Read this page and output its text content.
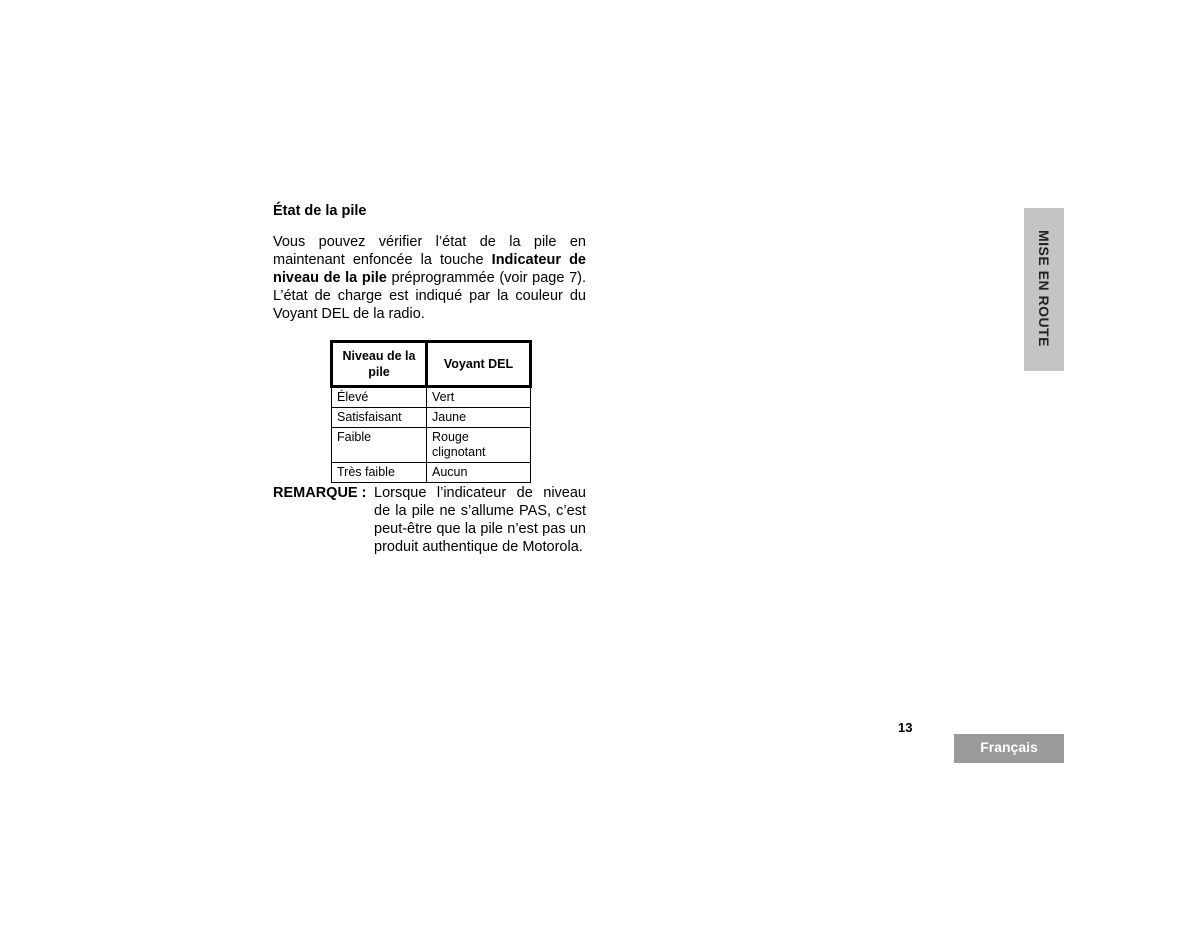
État de la pile

Vous pouvez vérifier l’état de la pile en maintenant enfoncée la touche Indicateur de niveau de la pile préprogrammée (voir page 7). L’état de charge est indiqué par la couleur du Voyant DEL de la radio.

Niveau de la pile	Voyant DEL
Élevé	Vert
Satisfaisant	Jaune
Faible	Rouge clignotant
Très faible	Aucun
REMARQUE : Lorsque l’indicateur de niveau de la pile ne s’allume PAS, c’est peut-être que la pile n’est pas un produit authentique de Motorola.
MISE EN ROUTE
13
Français
